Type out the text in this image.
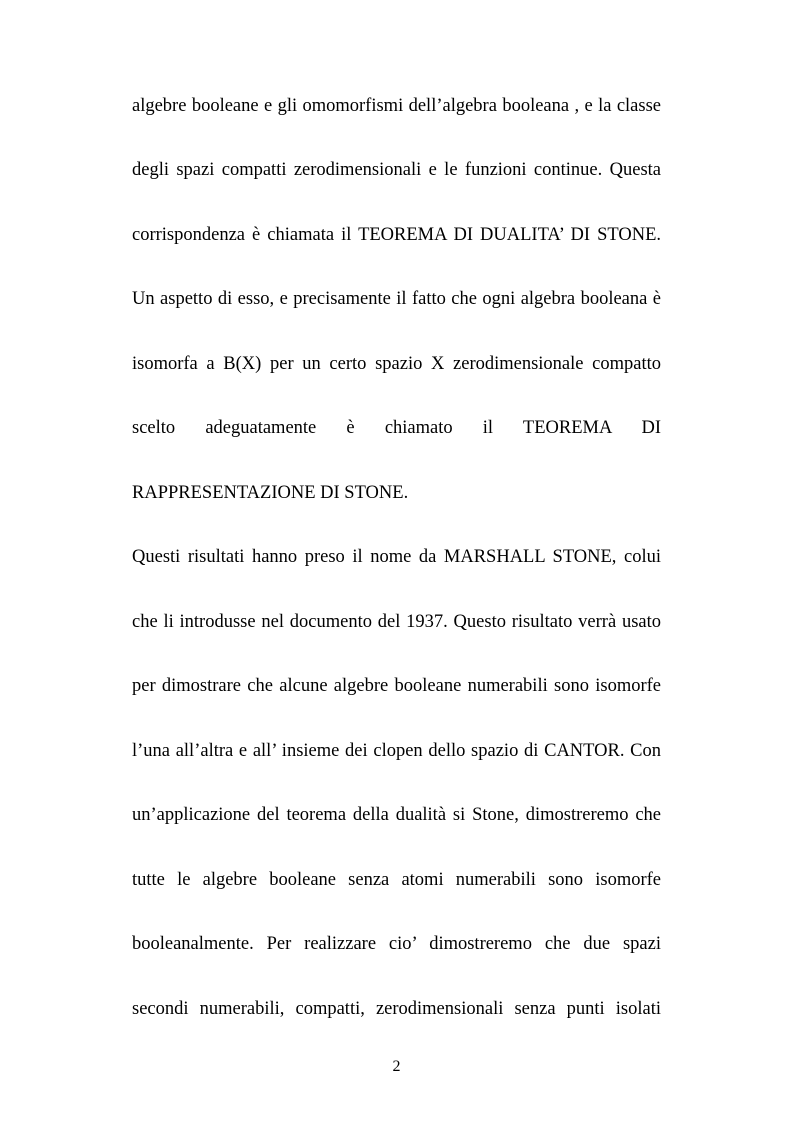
algebre booleane e gli omomorfismi dell’algebra booleana , e la classe
degli spazi compatti zerodimensionali e le funzioni continue. Questa
corrispondenza è chiamata il TEOREMA DI DUALITA’ DI STONE.
Un aspetto di esso, e precisamente il fatto che ogni algebra booleana è
isomorfa a B(X) per un certo spazio X zerodimensionale compatto
scelto adeguatamente è chiamato il TEOREMA DI
RAPPRESENTAZIONE DI STONE.
Questi risultati hanno preso il nome da MARSHALL STONE, colui
che li introdusse nel documento del 1937. Questo risultato verrà usato
per dimostrare che alcune algebre booleane numerabili sono isomorfe
l’una all’altra e all’ insieme dei clopen dello spazio di CANTOR. Con
un’applicazione del teorema della dualità si Stone, dimostreremo che
tutte le algebre booleane senza atomi numerabili sono isomorfe
booleanalmente. Per realizzare cio’ dimostreremo che due spazi
secondi numerabili, compatti, zerodimensionali senza punti isolati
2
